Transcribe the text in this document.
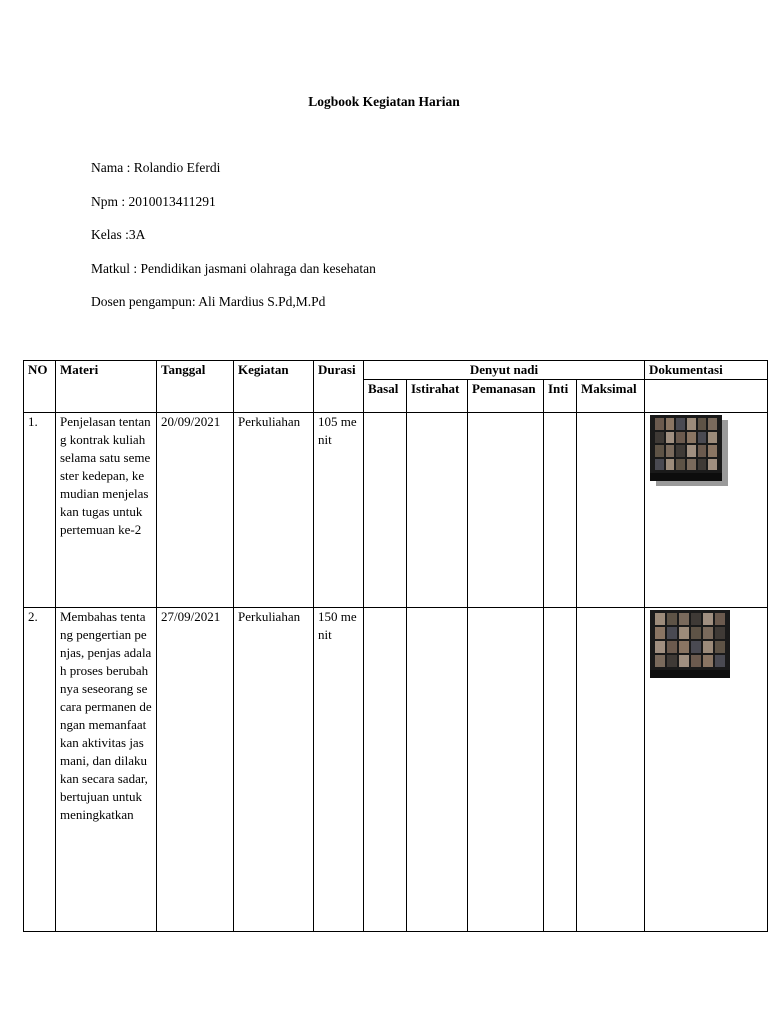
Logbook Kegiatan Harian
Nama : Rolandio Eferdi
Npm : 2010013411291
Kelas :3A
Matkul : Pendidikan jasmani olahraga dan kesehatan
Dosen pengampun: Ali Mardius S.Pd,M.Pd
NO	Materi	Tanggal	Kegiatan	Durasi	Denyut nadi					Dokumentasi
					Basal	Istirahat	Pemanasan	Inti	Maksimal	
1.	Penjelasan tentang kontrak kuliah selama satu semester kedepan, kemudian menjelaskan tugas untuk pertemuan ke-2	20/09/2021	Perkuliahan	105 menit						

2.	Membahas tentang pengertian penjas, penjas adalah proses berubahnya seseorang secara permanen dengan memanfaatkan aktivitas jasmani, dan dilakukan secara sadar, bertujuan untuk meningkatkan	27/09/2021	Perkuliahan	150 menit						
